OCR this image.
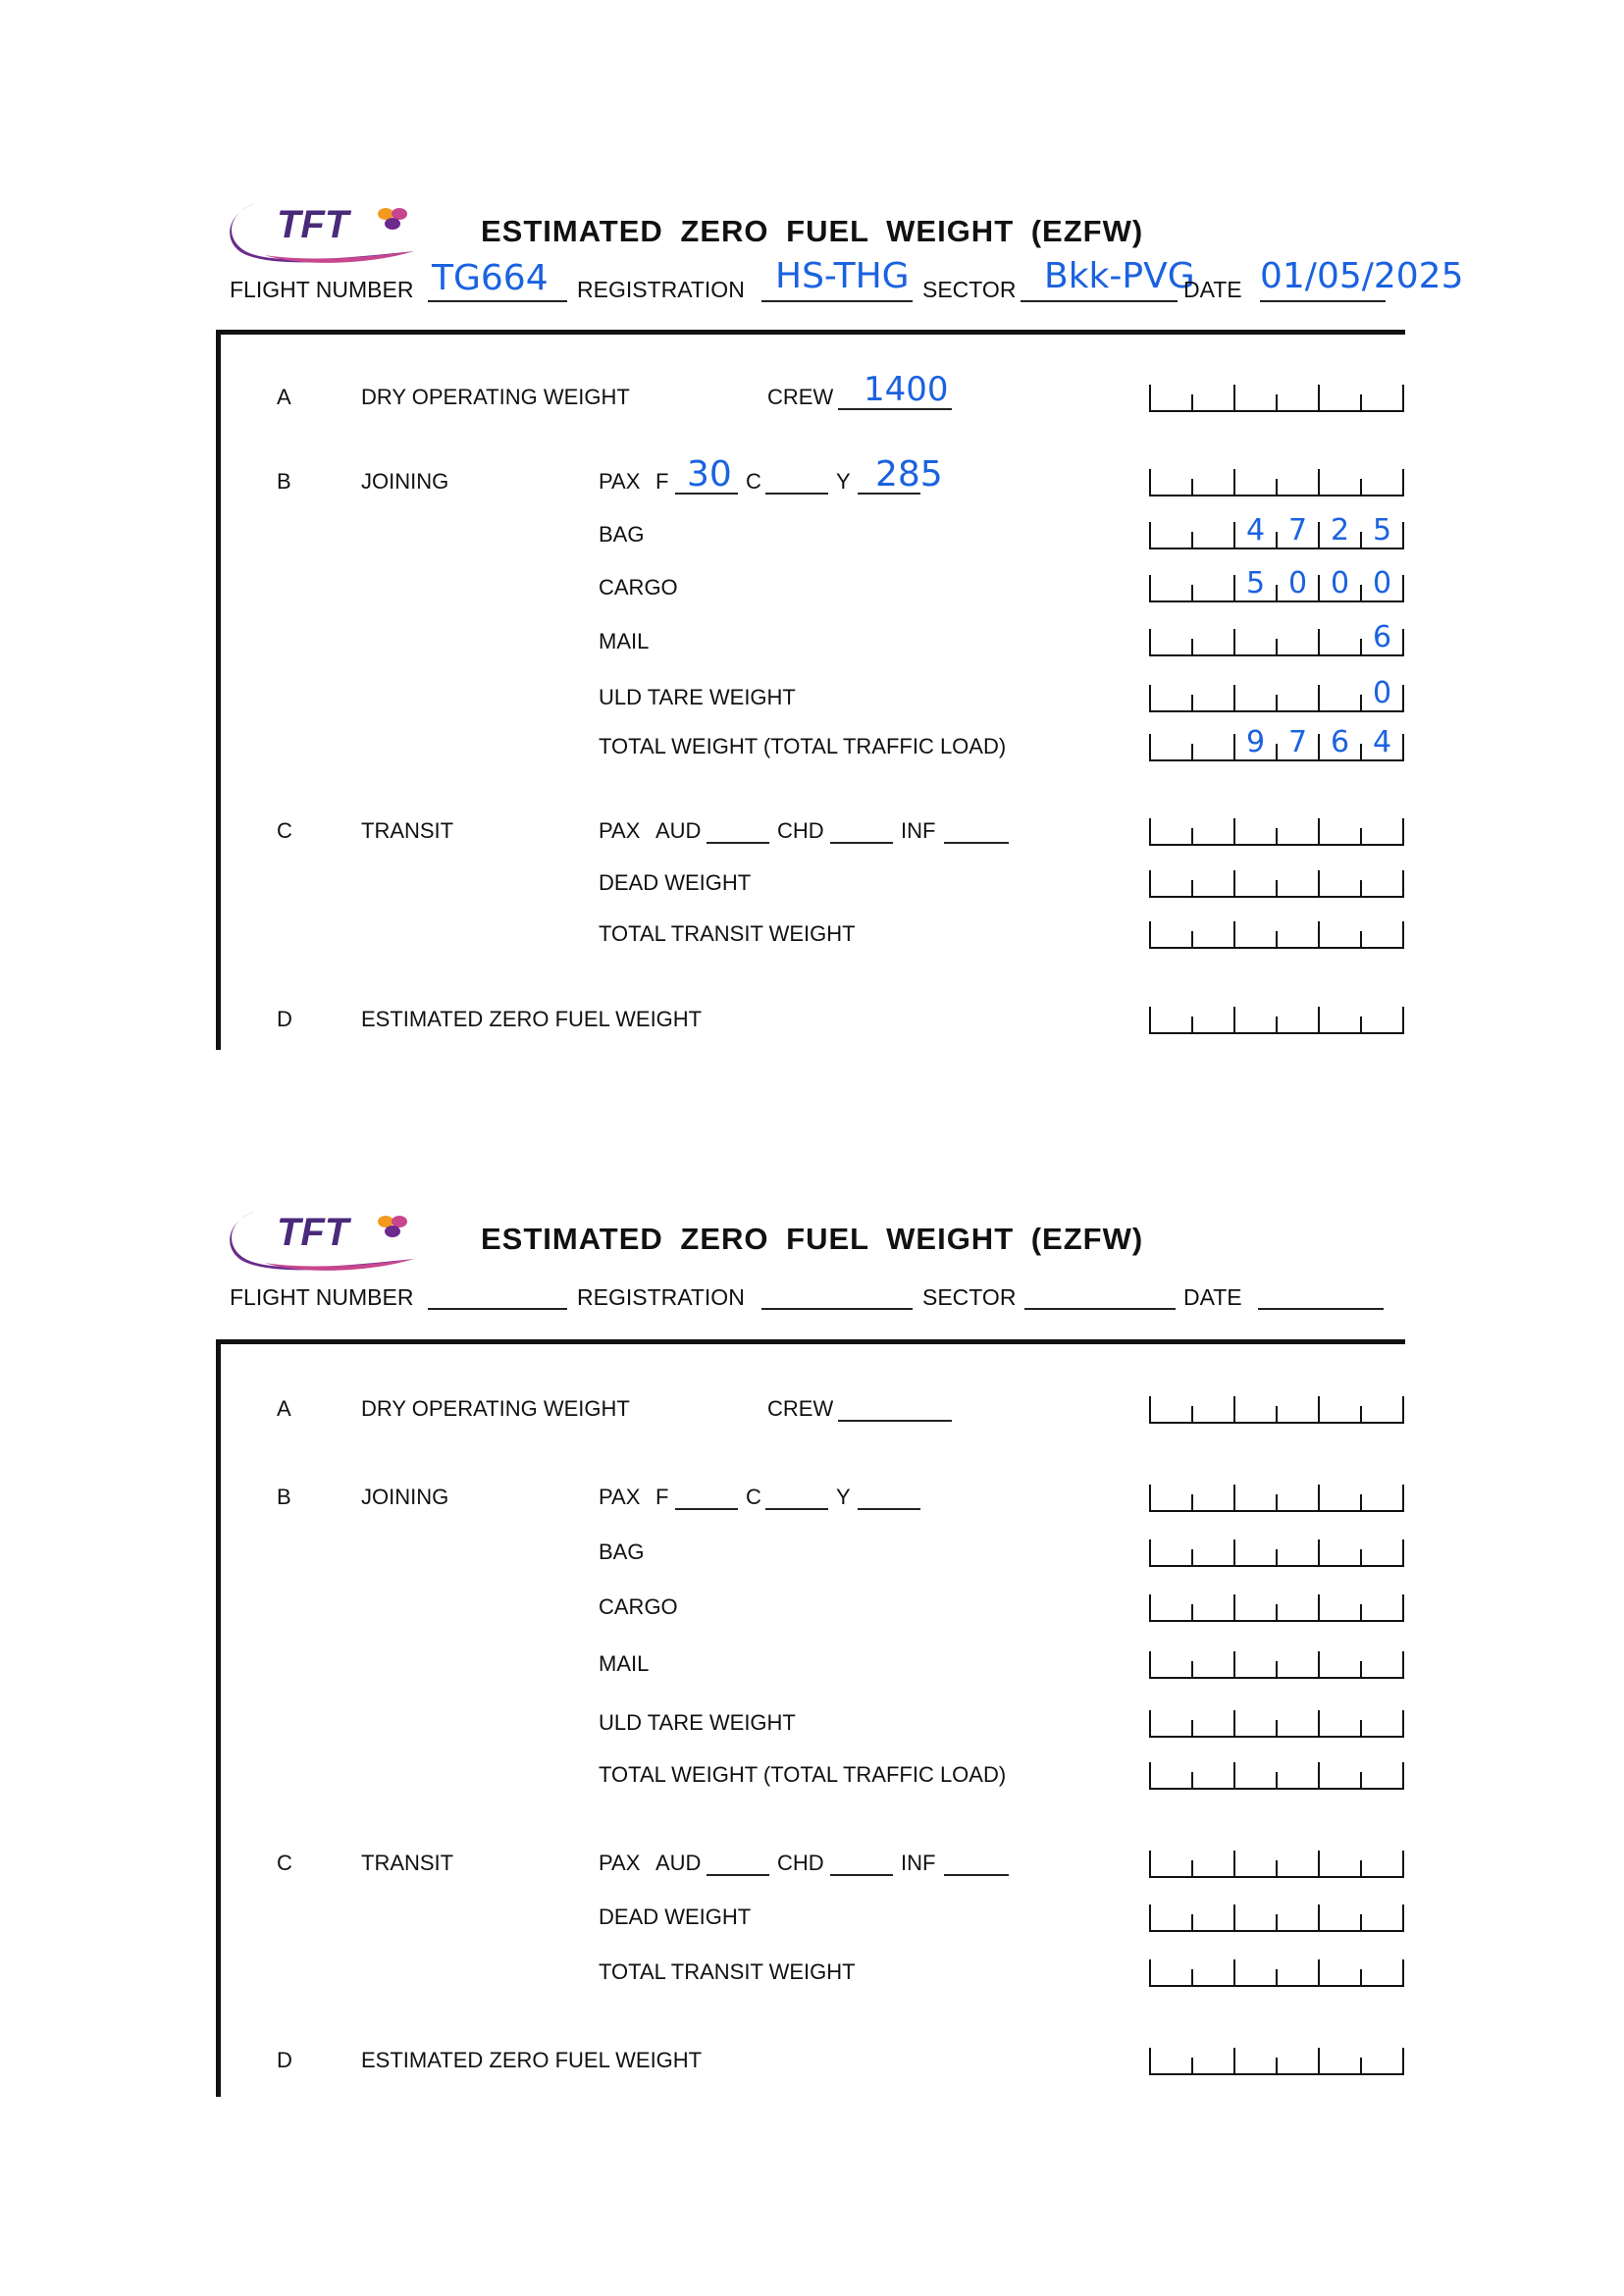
TFT	ESTIMATED ZERO FUEL WEIGHT (EZFW)
FLIGHT NUMBER TG664 REGISTRATION HS-THG SECTOR Bkk-PVG
DATE 01/05/2025
A	DRY OPERATING WEIGHT	CREW 1400
B	JOINING	PAX F 30 C	Y 285
BAG	4 7 2 5
CARGO	5 0 0 0
MAIL	6
ULD TARE WEIGHT	0
TOTAL WEIGHT (TOTAL TRAFFIC LOAD)	9 7 6 4
C	TRANSIT	PAX AUD	CHD	INF
DEAD WEIGHT
TOTAL TRANSIT WEIGHT
D	ESTIMATED ZERO FUEL WEIGHT
TFT	ESTIMATED ZERO FUEL WEIGHT (EZFW)
FLIGHT NUMBER	REGISTRATION	SECTOR	DATE
A	DRY OPERATING WEIGHT	CREW
B	JOINING	PAX F	C	Y
BAG
CARGO
MAIL
ULD TARE WEIGHT
TOTAL WEIGHT (TOTAL TRAFFIC LOAD)
C	TRANSIT	PAX AUD	CHD	INF
DEAD WEIGHT
TOTAL TRANSIT WEIGHT
D	ESTIMATED ZERO FUEL WEIGHT
